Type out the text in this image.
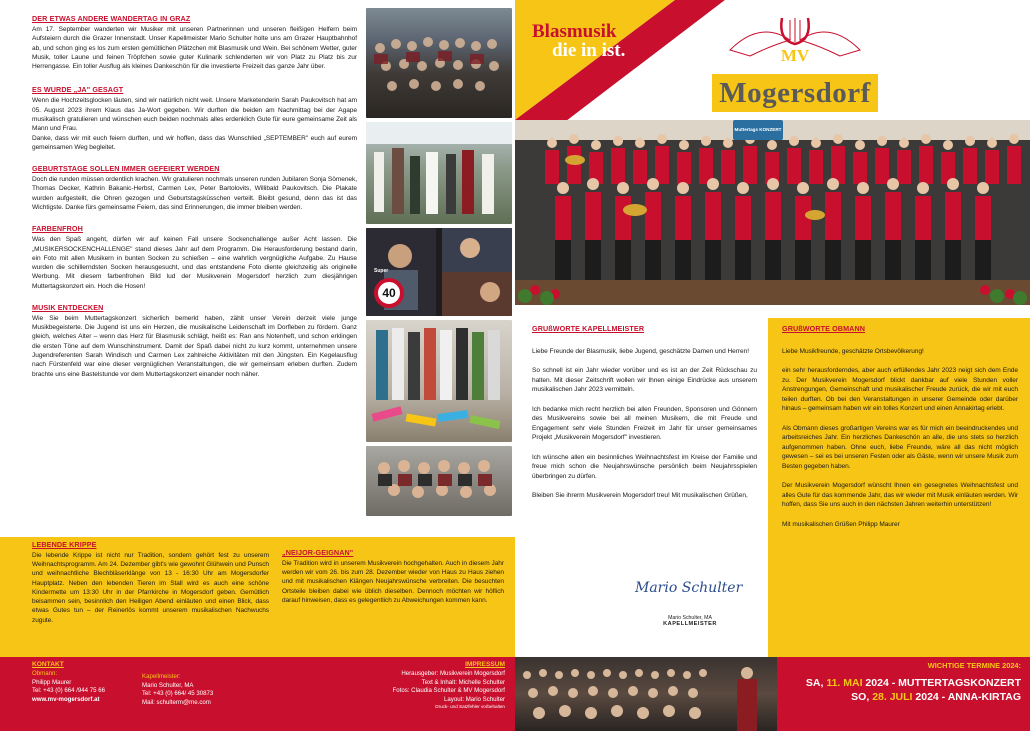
DER ETWAS ANDERE WANDERTAG IN GRAZ
Am 17. September wanderten wir Musiker mit unseren Partnerinnen und unseren fleißigen Helfern beim Aufsteiern durch die Grazer Innenstadt. Unser Kapellmeister Mario Schulter holte uns am Grazer Hauptbahnhof ab, und schon ging es los zum ersten gemütlichen Plätzchen mit Blasmusik und Wein. Bei schönem Wetter, guter Musik, toller Laune und feinen Tröpfchen sowie guter Kulinarik schlenderten wir von Platz zu Platz bis zur Herrengasse. Ein toller Ausflug als kleines Dankeschön für die investierte Freizeit das ganze Jahr über.
ES WURDE „JA" GESAGT
Wenn die Hochzeitsglocken läuten, sind wir natürlich nicht weit. Unsere Marketenderin Sarah Paukovitsch hat am 05. August 2023 ihrem Klaus das Ja-Wort gegeben. Wir durften die beiden am Nachmittag bei der Agape musikalisch gratulieren und wünschen euch beiden nochmals alles erdenklich Gute für eure gemeinsame Zeit als Mann und Frau.
Danke, dass wir mit euch feiern durften, und wir hoffen, dass das Wunschlied „SEPTEMBER" euch auf eurem gemeinsamen Weg begleitet.
GEBURTSTAGE SOLLEN IMMER GEFEIERT WERDEN
Doch die runden müssen ordentlich krachen. Wir gratulieren nochmals unseren runden Jubilaren Sonja Sömenek, Thomas Decker, Kathrin Bakanic-Herbst, Carmen Lex, Peter Bartolovits, Willibald Paukovitsch. Die Plakate wurden aufgestellt, die Ohren gezogen und Geburtstagsküsschen verteilt. Bleibt gesund, denn das ist das Wichtigste. Danke fürs gemeinsame Feiern, das sind Erinnerungen, die immer bleiben werden.
FARBENFROH
Was den Spaß angeht, dürfen wir auf keinen Fall unsere Sockenchallenge außer Acht lassen. Die „MUSIKERSOCKENCHALLENGE" stand dieses Jahr auf dem Programm. Die Herausforderung bestand darin, ein Foto mit allen Musikern in bunten Socken zu schießen – eine wahrlich vergnügliche Aufgabe. Zu Hause wurden die schillerndsten Socken herausgesucht, und das entstandene Foto diente gleichzeitig als originelle Werbung. Mit diesem farbenfrohen Bild lud der Musikverein Mogersdorf herzlich zum diesjährigen Muttertagskonzert ein. Hoch die Hosen!
MUSIK ENTDECKEN
Wie Sie beim Muttertagskonzert sicherlich bemerkt haben, zählt unser Verein derzeit viele junge Musikbegeisterte. Die Jugend ist uns ein Herzen, die musikalische Leidenschaft im Dorfleben zu fördern. Ganz gleich, welches Alter – wenn das Herz für Blasmusik schlägt, heißt es: Ran ans Notenheft, und schon erklingen die ersten Töne auf dem Wunschinstrument. Damit der Spaß dabei nicht zu kurz kommt, unternehmen unsere Jugendreferenten Sarah Windisch und Carmen Lex zahlreiche Aktivitäten mit den Jüngsten. Ein Kegelausflug nach Fürstenfeld war eine dieser vergnüglichen Veranstaltungen, die wir gemeinsam erleben durften. Zudem brachte uns eine Bastelstunde vor dem Muttertagskonzert einander noch näher.
40
Super
LEBENDE KRIPPE
Die lebende Krippe ist nicht nur Tradition, sondern gehört fest zu unserem Weihnachtsprogramm. Am 24. Dezember gibt's wie gewohnt Glühwein und Punsch und weihnachtliche Blechbläserklänge von 13 - 16:30 Uhr am Mogersdorfer Hauptplatz. Neben den lebenden Tieren im Stall wird es auch eine schöne Kindermette um 13:30 Uhr in der Pfarrkirche in Mogersdorf geben. Gemütlich beisammen sein, besinnlich den Heiligen Abend einläuten und einen Blick, dass etwas Gutes tun – der Reinerlös kommt unserem musikalischen Nachwuchs zugute.
„NEIJOR-GEIGNAN"
Die Tradition wird in unserem Musikverein hochgehalten. Auch in diesem Jahr werden wir vom 26. bis zum 28. Dezember wieder von Haus zu Haus ziehen und mit musikalischen Klängen Neujahrswünsche verbreiten. Die besuchten Ortsteile bleiben dabei wie üblich dieselben. Dennoch möchten wir höflich darauf hinweisen, dass es gelegentlich zu Abweichungen kommen kann.
KONTAKT
Obmann:
Philipp Maurer
Tel: +43 (0) 664 /944 75 66
www.mv-mogersdorf.at
Kapellmeister:
Mario Schulter, MA
Tel: +43 (0) 664/ 45 30873
Mail: schulterm@me.com
IMPRESSUM
Herausgeber: Musikverein Mogersdorf
Text & Inhalt: Michelle Schulter
Fotos: Claudia Schulter & MV Mogersdorf
Layout: Mario Schulter
Druck- und Satzfehler vorbehalten
Blasmusik
die in ist.	MV
Mogersdorf
Muttertags KONZERT
GRUßWORTE KAPELLMEISTER
Liebe Freunde der Blasmusik, liebe Jugend, geschätzte Damen und Herren!
So schnell ist ein Jahr wieder vorüber und es ist an der Zeit Rückschau zu halten. Mit dieser Zeitschrift wollen wir Ihnen einige Eindrücke aus unserem musikalischen Jahr 2023 vermitteln.
Ich bedanke mich recht herzlich bei allen Freunden, Sponsoren und Gönnern des Musikvereins sowie bei all meinen Musikern, die mit Freude und Engagement sehr viele Stunden Freizeit im Jahr für unser gemeinsames Projekt „Musikverein Mogersdorf" investieren.
Ich wünsche allen ein besinnliches Weihnachtsfest im Kreise der Familie und freue mich schon die Neujahrswünsche persönlich beim Neujahrsspielen überbringen zu dürfen.
Bleiben Sie ihrerm Musikverein Mogersdorf treu! Mit musikalischen Grüßen,
Mario Schulter
Mario Schulter, MA
KAPELLMEISTER
GRUßWORTE OBMANN
Liebe Musikfreunde, geschätzte Ortsbevölkerung!
ein sehr herausforderndes, aber auch erfüllendes Jahr 2023 neigt sich dem Ende zu. Der Musikverein Mogersdorf blickt dankbar auf viele Stunden voller Anstrengungen, Gemeinschaft und musikalischer Freude zurück, die wir mit euch teilen durften. Ob bei den Veranstaltungen in unserer Gemeinde oder darüber hinaus – gemeinsam haben wir ein tolles Konzert und einen Annakirtag erlebt.
Als Obmann dieses großartigen Vereins war es für mich ein beeindruckendes und arbeitsreiches Jahr. Ein herzliches Dankeschön an alle, die uns stets so herzlich aufgenommen haben. Ohne euch, liebe Freunde, wäre all das nicht möglich gewesen – sei es bei unseren Festen oder als Gäste, wenn wir unsere Musik zum Besten gegeben haben.
Der Musikverein Mogersdorf wünscht Ihnen ein gesegnetes Weihnachtsfest und alles Gute für das kommende Jahr, das wir wieder mit Musik einläuten werden. Wir hoffen, dass Sie uns auch in den nächsten Jahren weiterhin unterstützen!
Mit musikalischen Grüßen Philipp Maurer
WICHTIGE TERMINE 2024:
SA, 11. MAI 2024 - MUTTERTAGSKONZERT
SO, 28. JULI 2024 - ANNA-KIRTAG
